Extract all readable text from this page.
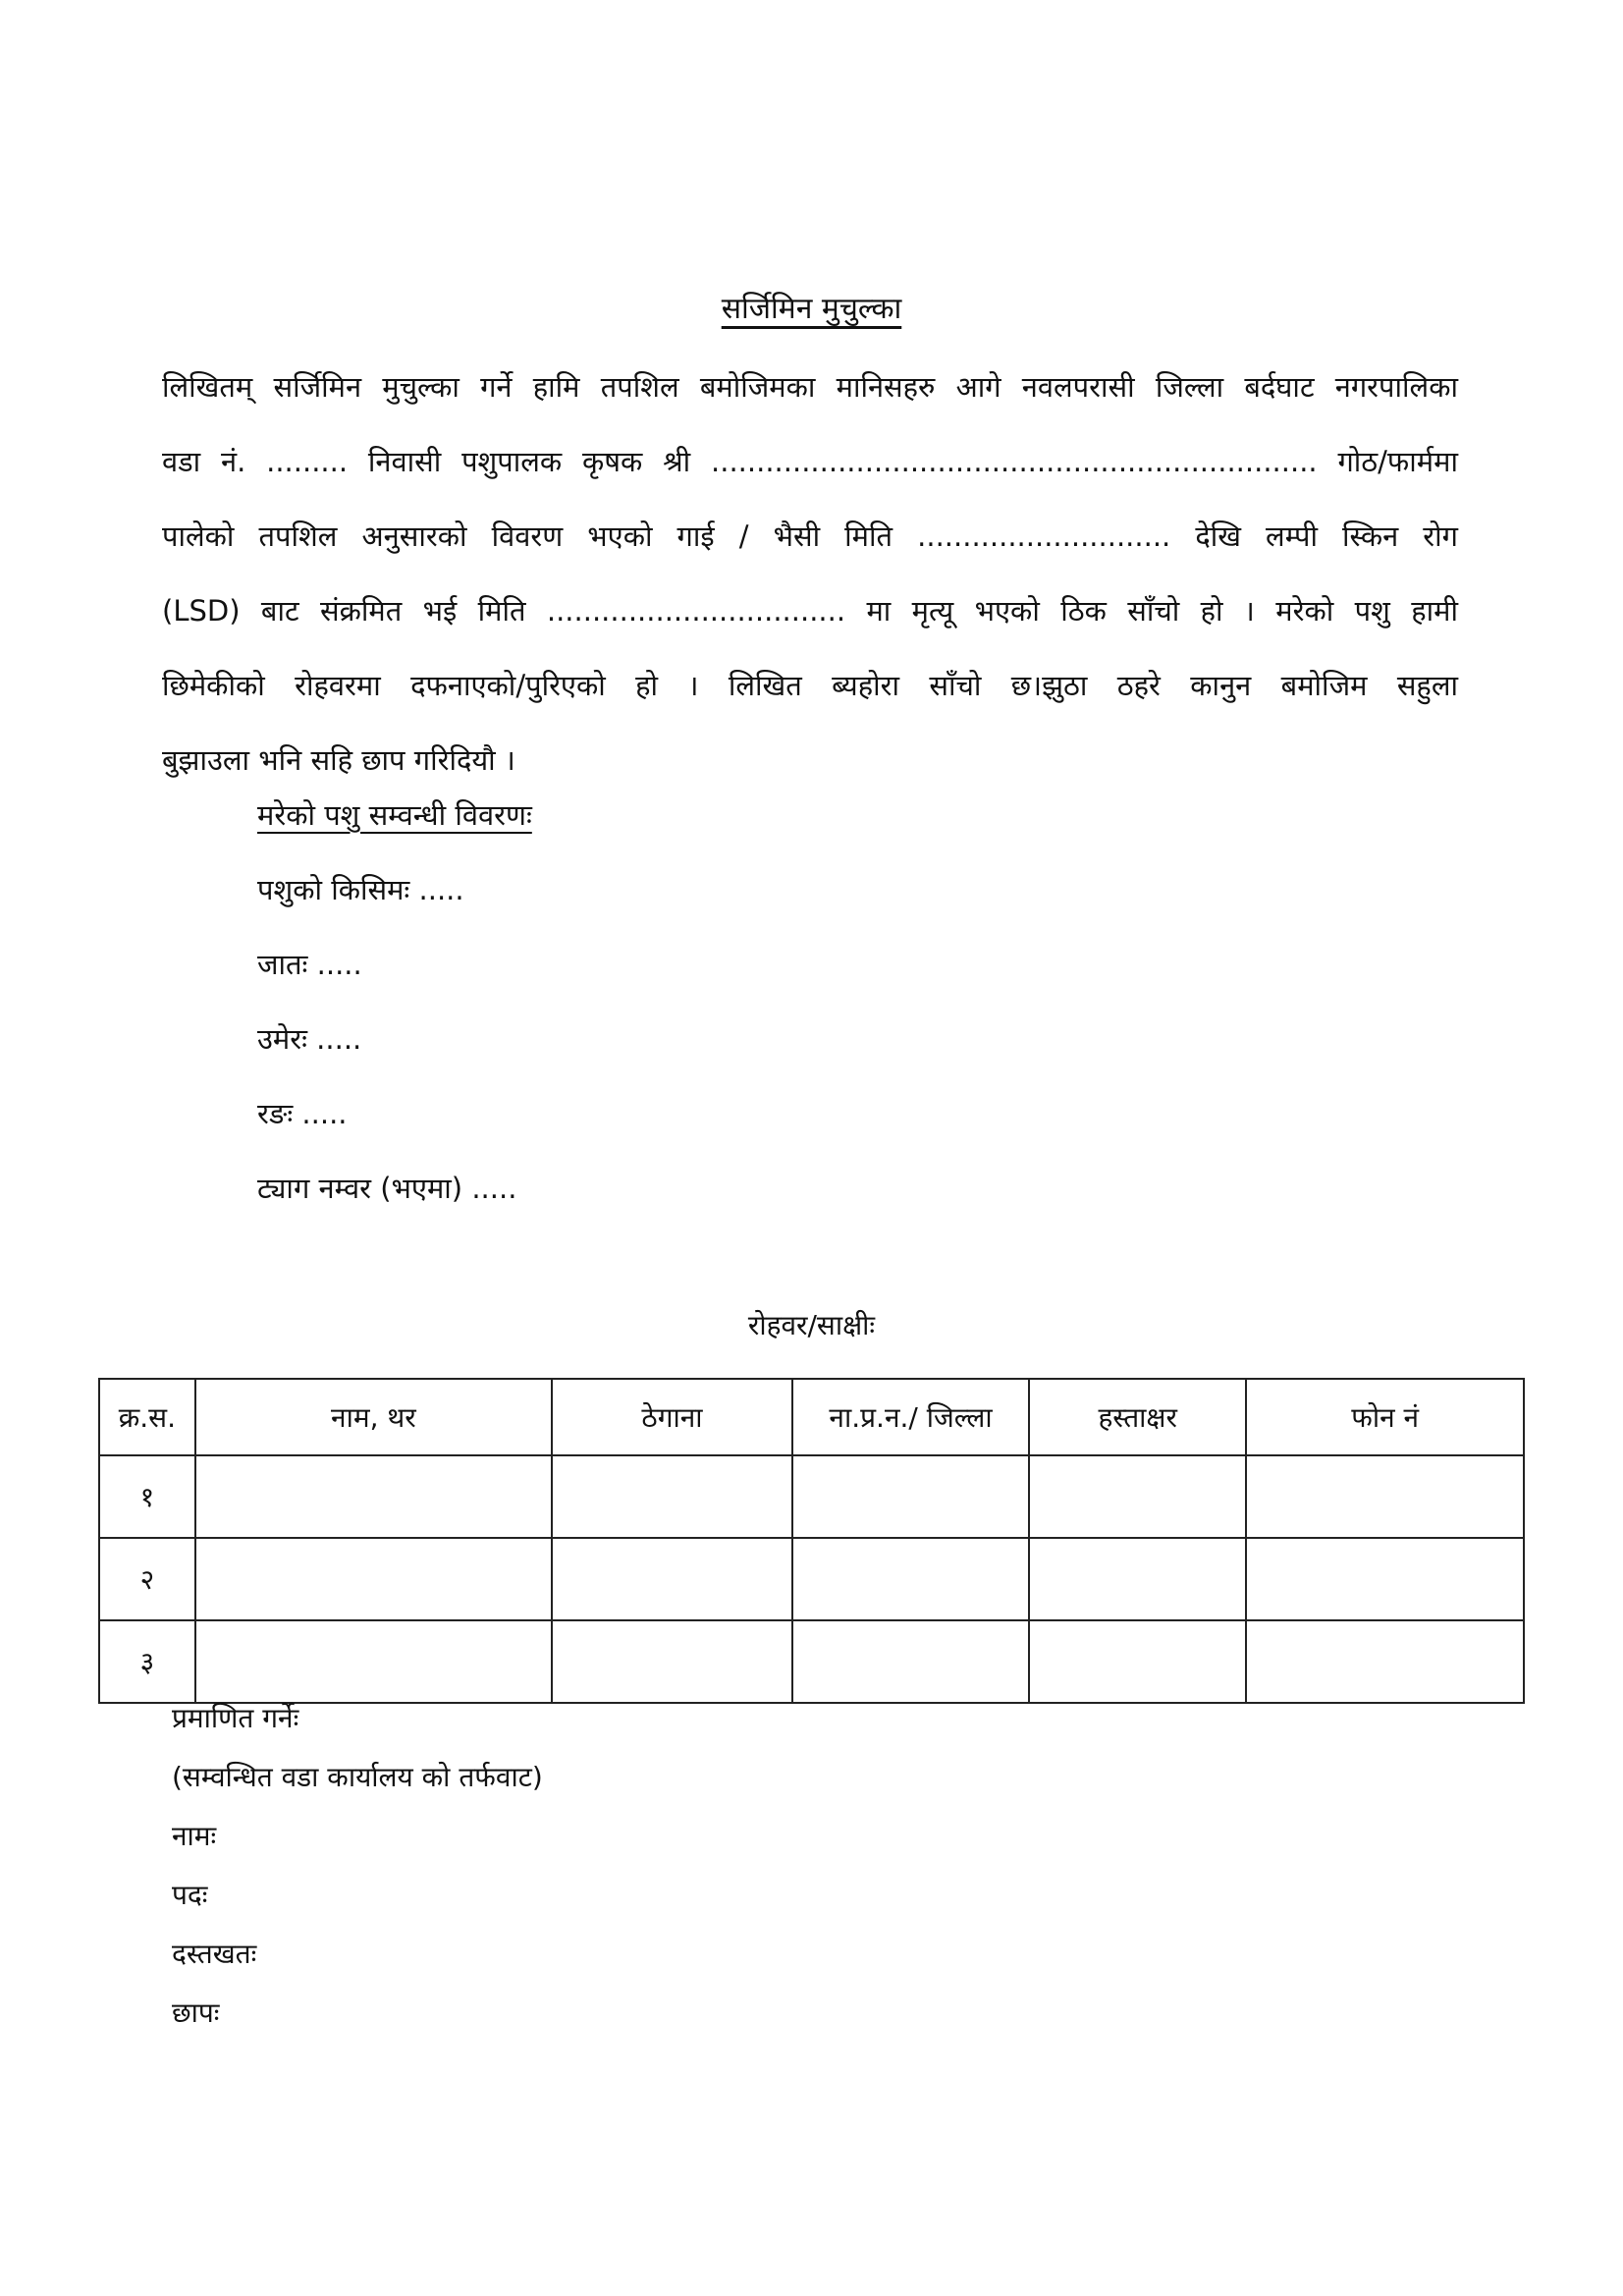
सर्जिमिन मुचुल्का
लिखितम् सर्जिमिन मुचुल्का गर्ने हामि तपशिल बमोजिमका मानिसहरु आगे नवलपरासी जिल्ला बर्दघाट नगरपालिका
वडा नं. ......... निवासी पशुपालक कृषक श्री ................................................................... गोठ/फार्ममा
पालेको तपशिल अनुसारको विवरण भएको गाई / भैसी मिति ............................ देखि लम्पी स्किन रोग
(LSD) बाट संक्रमित भई मिति ................................. मा मृत्यू भएको ठिक साँचो हो । मरेको पशु हामी
छिमेकीको रोहवरमा दफनाएको/पुरिएको हो । लिखित ब्यहोरा साँचो छ।झुठा ठहरे कानुन बमोजिम सहुला
बुझाउला भनि सहि छाप गरिदियौ ।
मरेको पशु सम्वन्धी विवरणः
पशुको किसिमः .....
जातः .....
उमेरः .....
रङः .....
ट्याग नम्वर (भएमा) .....
रोहवर/साक्षीः
क्र.स.	नाम, थर	ठेगाना	ना.प्र.न./ जिल्ला	हस्ताक्षर	फोन नं
१					
२					
३					
प्रमाणित गर्नेः
(सम्वन्धित वडा कार्यालय को तर्फवाट)
नामः
पदः
दस्तखतः
छापः
